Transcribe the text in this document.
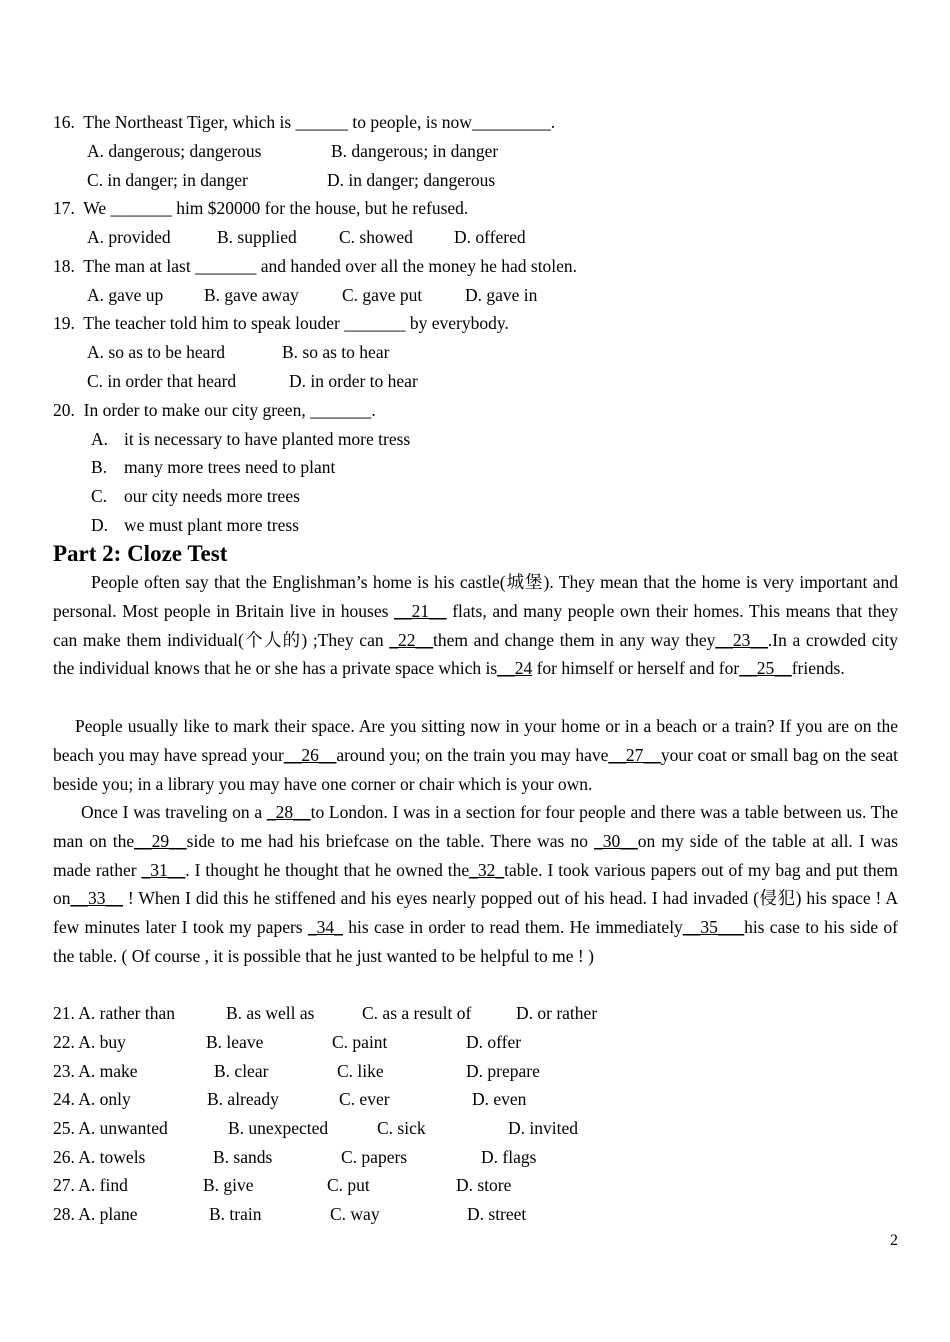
16.  The Northeast Tiger, which is ______ to people, is now_________.
A. dangerous; dangerous	B. dangerous; in danger
C. in danger; in danger	D. in danger; dangerous
17.  We _______ him $20000 for the house, but he refused.
A. provided	B. supplied C. showed D. offered
18.  The man at last _______ and handed over all the money he had stolen.
A. gave up B. gave away C. gave put D. gave in
19.  The teacher told him to speak louder _______ by everybody.
A. so as to be heard	B. so as to hear
C. in order that heard	D. in order to hear
20.  In order to make our city green, _______.
A. it is necessary to have planted more tress
B. many more trees need to plant
C. our city needs more trees
D. we must plant more tress
Part 2: Cloze Test

People often say that the Englishman’s home is his castle(城堡). They mean that the home is very important and personal. Most people in Britain live in houses __21__ flats, and many people own their homes. This means that they can make them individual(个人的) ;They can _22__them and change them in any way they__23__.In a crowded city the individual knows that he or she has a private space which is__24 for himself or herself and for__25__friends.

People usually like to mark their space. Are you sitting now in your home or in a beach or a train? If you are on the beach you may have spread your__26__around you; on the train you may have__27__your coat or small bag on the seat beside you; in a library you may have one corner or chair which is your own.

Once I was traveling on a _28__to London. I was in a section for four people and there was a table between us. The man on the__29__side to me had his briefcase on the table. There was no _30__on my side of the table at all. I was made rather _31__. I thought he thought that he owned the_32_table. I took various papers out of my bag and put them on__33__ ! When I did this he stiffened and his eyes nearly popped out of his head. I had invaded (侵犯) his space ! A few minutes later I took my papers _34_ his case in order to read them. He immediately__35___his case to his side of the table. ( Of course , it is possible that he just wanted to be helpful to me ! )

21. A. rather than	B. as well as	C. as a result of	D. or rather
22. A. buy	B. leave	C. paint	D. offer
23. A. make	B. clear	C. like	D. prepare
24. A. only	B. already	C. ever	D. even
25. A. unwanted	B. unexpected	C. sick	D. invited
26. A. towels	B. sands	C. papers	D. flags
27. A. find	B. give	C. put	D. store
28. A. plane	B. train	C. way	D. street
2
